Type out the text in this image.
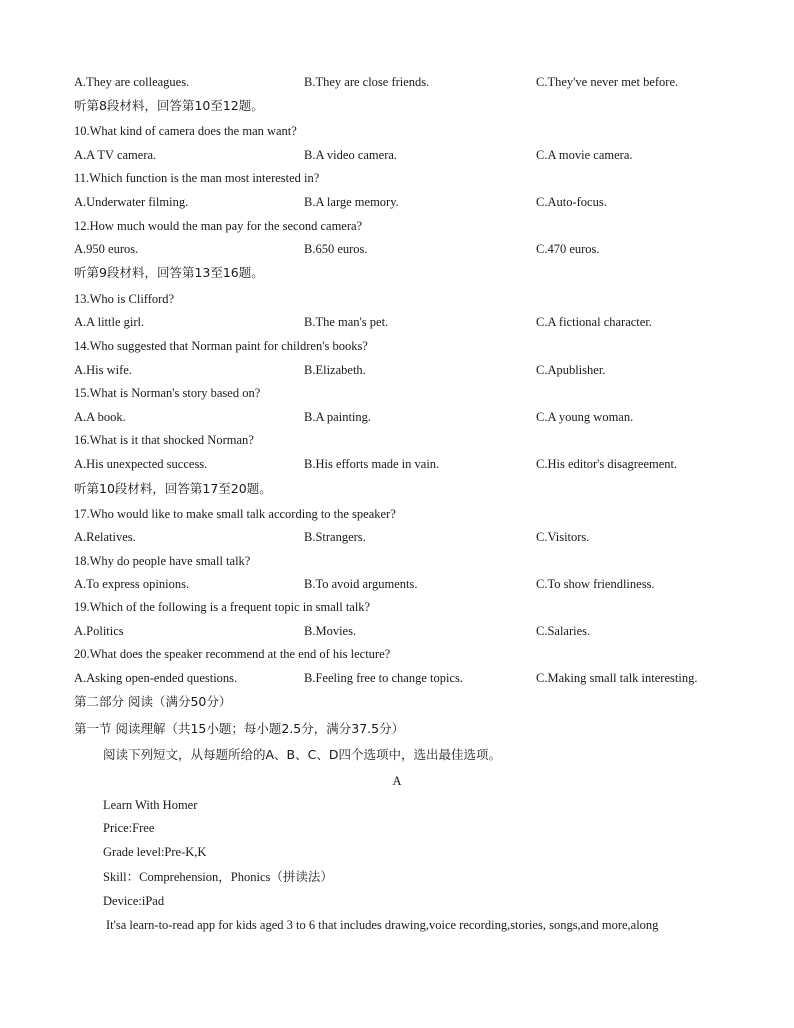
A.They are colleagues.	B.They are close friends.	C.They've never met before.
听第8段材料，回答第10至12题。
10.What kind of camera does the man want?
A.A TV camera.	B.A video camera.	C.A movie camera.
11.Which function is the man most interested in?
A.Underwater filming.	B.A large memory.	C.Auto-focus.
12.How much would the man pay for the second camera?
A.950 euros.	B.650 euros.	C.470 euros.
听第9段材料，回答第13至16题。
13.Who is Clifford?
A.A little girl.	B.The man's pet.	C.A fictional character.
14.Who suggested that Norman paint for children's books?
A.His wife.	B.Elizabeth.	C.Apublisher.
15.What is Norman's story based on?
A.A book.	B.A painting.	C.A young woman.
16.What is it that shocked Norman?
A.His unexpected success.	B.His efforts made in vain.	C.His editor's disagreement.
听第10段材料，回答第17至20题。
17.Who would like to make small talk according to the speaker?
A.Relatives.	B.Strangers.	C.Visitors.
18.Why do people have small talk?
A.To express opinions.	B.To avoid arguments.	C.To show friendliness.
19.Which of the following is a frequent topic in small talk?
A.Politics	B.Movies.	C.Salaries.
20.What does the speaker recommend at the end of his lecture?
A.Asking open-ended questions.	B.Feeling free to change topics.	C.Making small talk interesting.
第二部分 阅读（满分50分）
第一节 阅读理解（共15小题；每小题2.5分，满分37.5分）
阅读下列短文，从每题所给的A、B、C、D四个选项中，选出最佳选项。
A
Learn With Homer
Price:Free
Grade level:Pre-K,K
Skill：Comprehension，Phonics（拼读法）
Device:iPad
It'sa learn-to-read app for kids aged 3 to 6 that includes drawing,voice recording,stories, songs,and more,along
